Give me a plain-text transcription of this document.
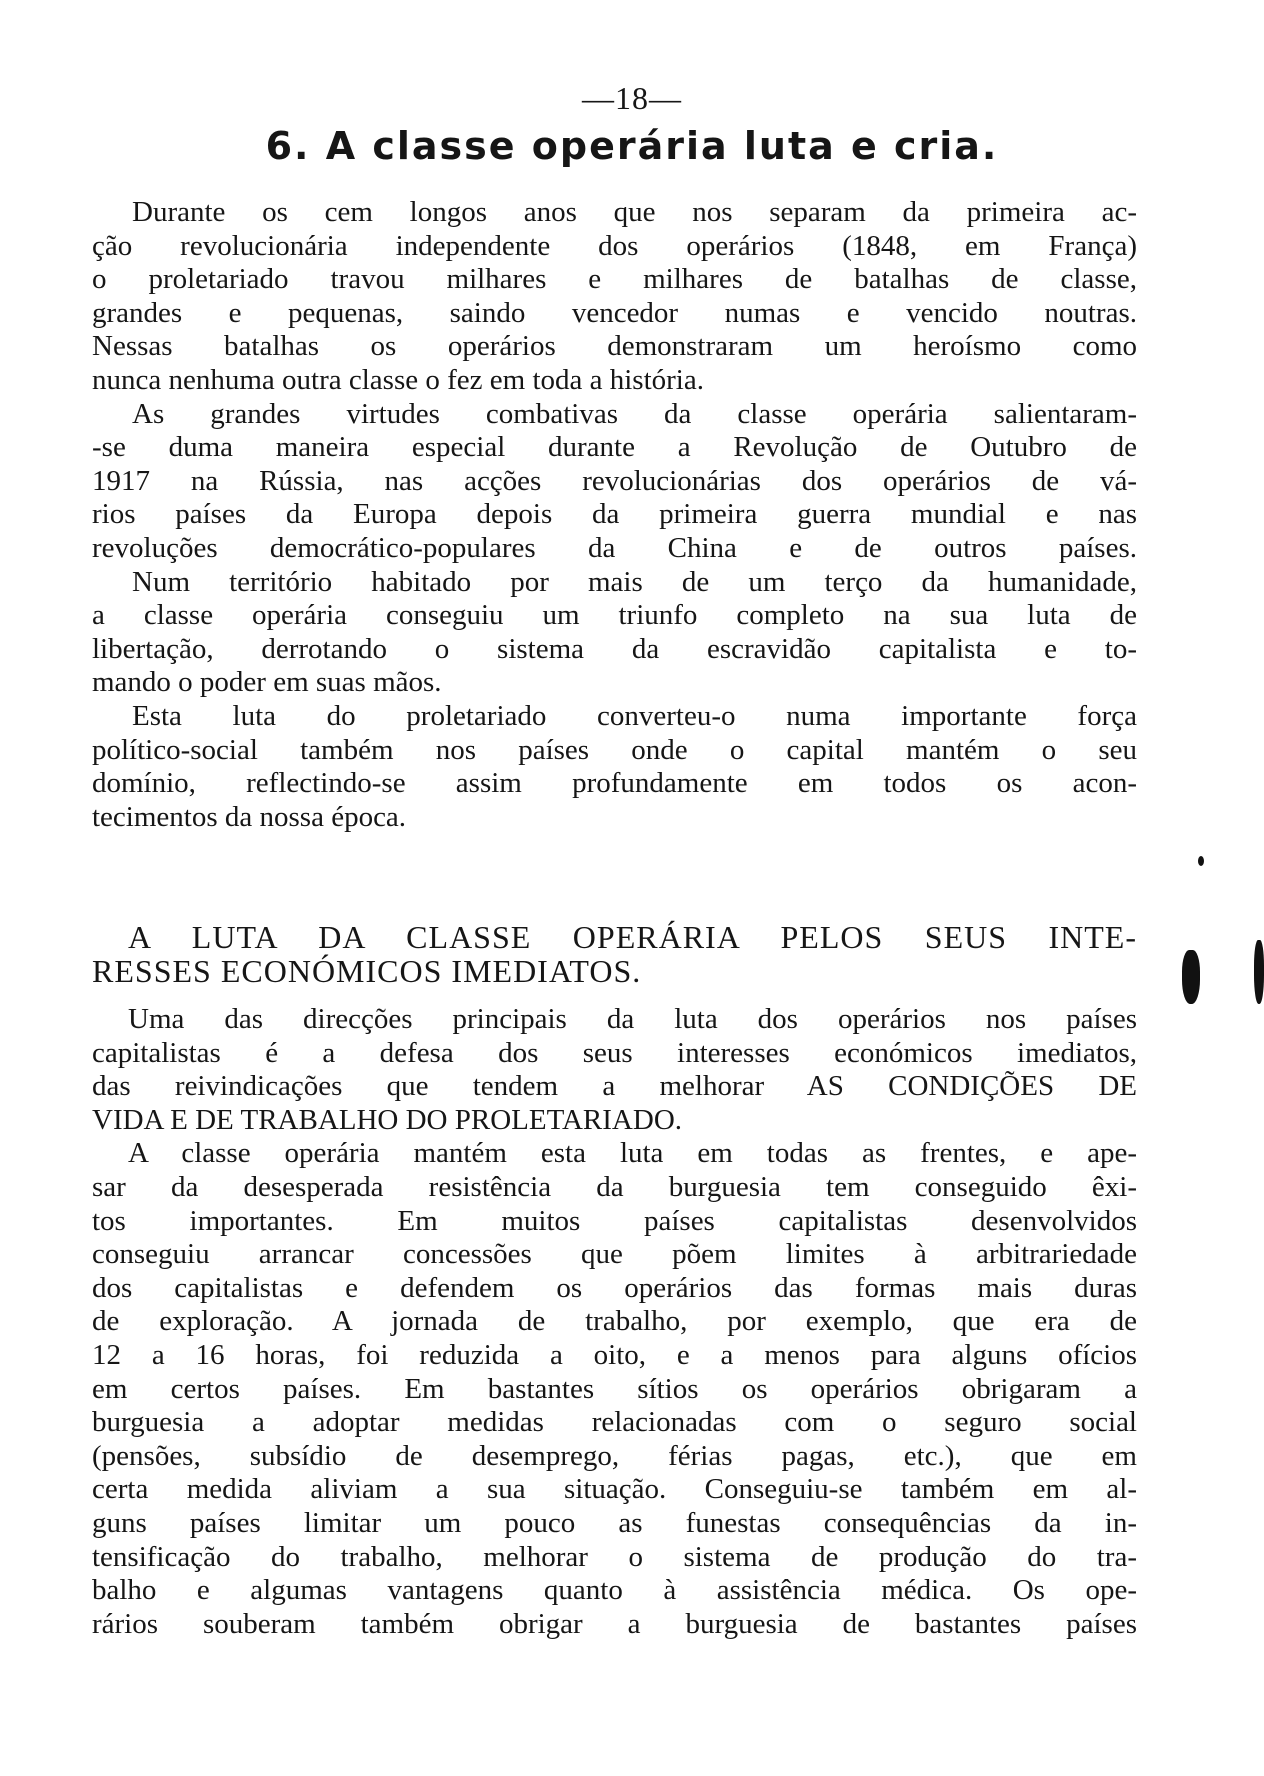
—18—
6. A classe operária luta e cria.
Durante os cem longos anos que nos separam da primeira ac-
ção revolucionária independente dos operários (1848, em França)
o proletariado travou milhares e milhares de batalhas de classe,
grandes e pequenas, saindo vencedor numas e vencido noutras.
Nessas batalhas os operários demonstraram um heroísmo como
nunca nenhuma outra classe o fez em toda a história.
As grandes virtudes combativas da classe operária salientaram-
-se duma maneira especial durante a Revolução de Outubro de
1917 na Rússia, nas acções revolucionárias dos operários de vá-
rios países da Europa depois da primeira guerra mundial e nas
revoluções democrático-populares da China e de outros países.
Num território habitado por mais de um terço da humanidade,
a classe operária conseguiu um triunfo completo na sua luta de
libertação, derrotando o sistema da escravidão capitalista e to-
mando o poder em suas mãos.
Esta luta do proletariado converteu-o numa importante força
político-social também nos países onde o capital mantém o seu
domínio, reflectindo-se assim profundamente em todos os acon-
tecimentos da nossa época.
A LUTA DA CLASSE OPERÁRIA PELOS SEUS INTE-
RESSES ECONÓMICOS IMEDIATOS.
Uma das direcções principais da luta dos operários nos países
capitalistas é a defesa dos seus interesses económicos imediatos,
das reivindicações que tendem a melhorar AS CONDIÇÕES DE
VIDA E DE TRABALHO DO PROLETARIADO.
A classe operária mantém esta luta em todas as frentes, e ape-
sar da desesperada resistência da burguesia tem conseguido êxi-
tos importantes. Em muitos países capitalistas desenvolvidos
conseguiu arrancar concessões que põem limites à arbitrariedade
dos capitalistas e defendem os operários das formas mais duras
de exploração. A jornada de trabalho, por exemplo, que era de
12 a 16 horas, foi reduzida a oito, e a menos para alguns ofícios
em certos países. Em bastantes sítios os operários obrigaram a
burguesia a adoptar medidas relacionadas com o seguro social
(pensões, subsídio de desemprego, férias pagas, etc.), que em
certa medida aliviam a sua situação. Conseguiu-se também em al-
guns países limitar um pouco as funestas consequências da in-
tensificação do trabalho, melhorar o sistema de produção do tra-
balho e algumas vantagens quanto à assistência médica. Os ope-
rários souberam também obrigar a burguesia de bastantes países
